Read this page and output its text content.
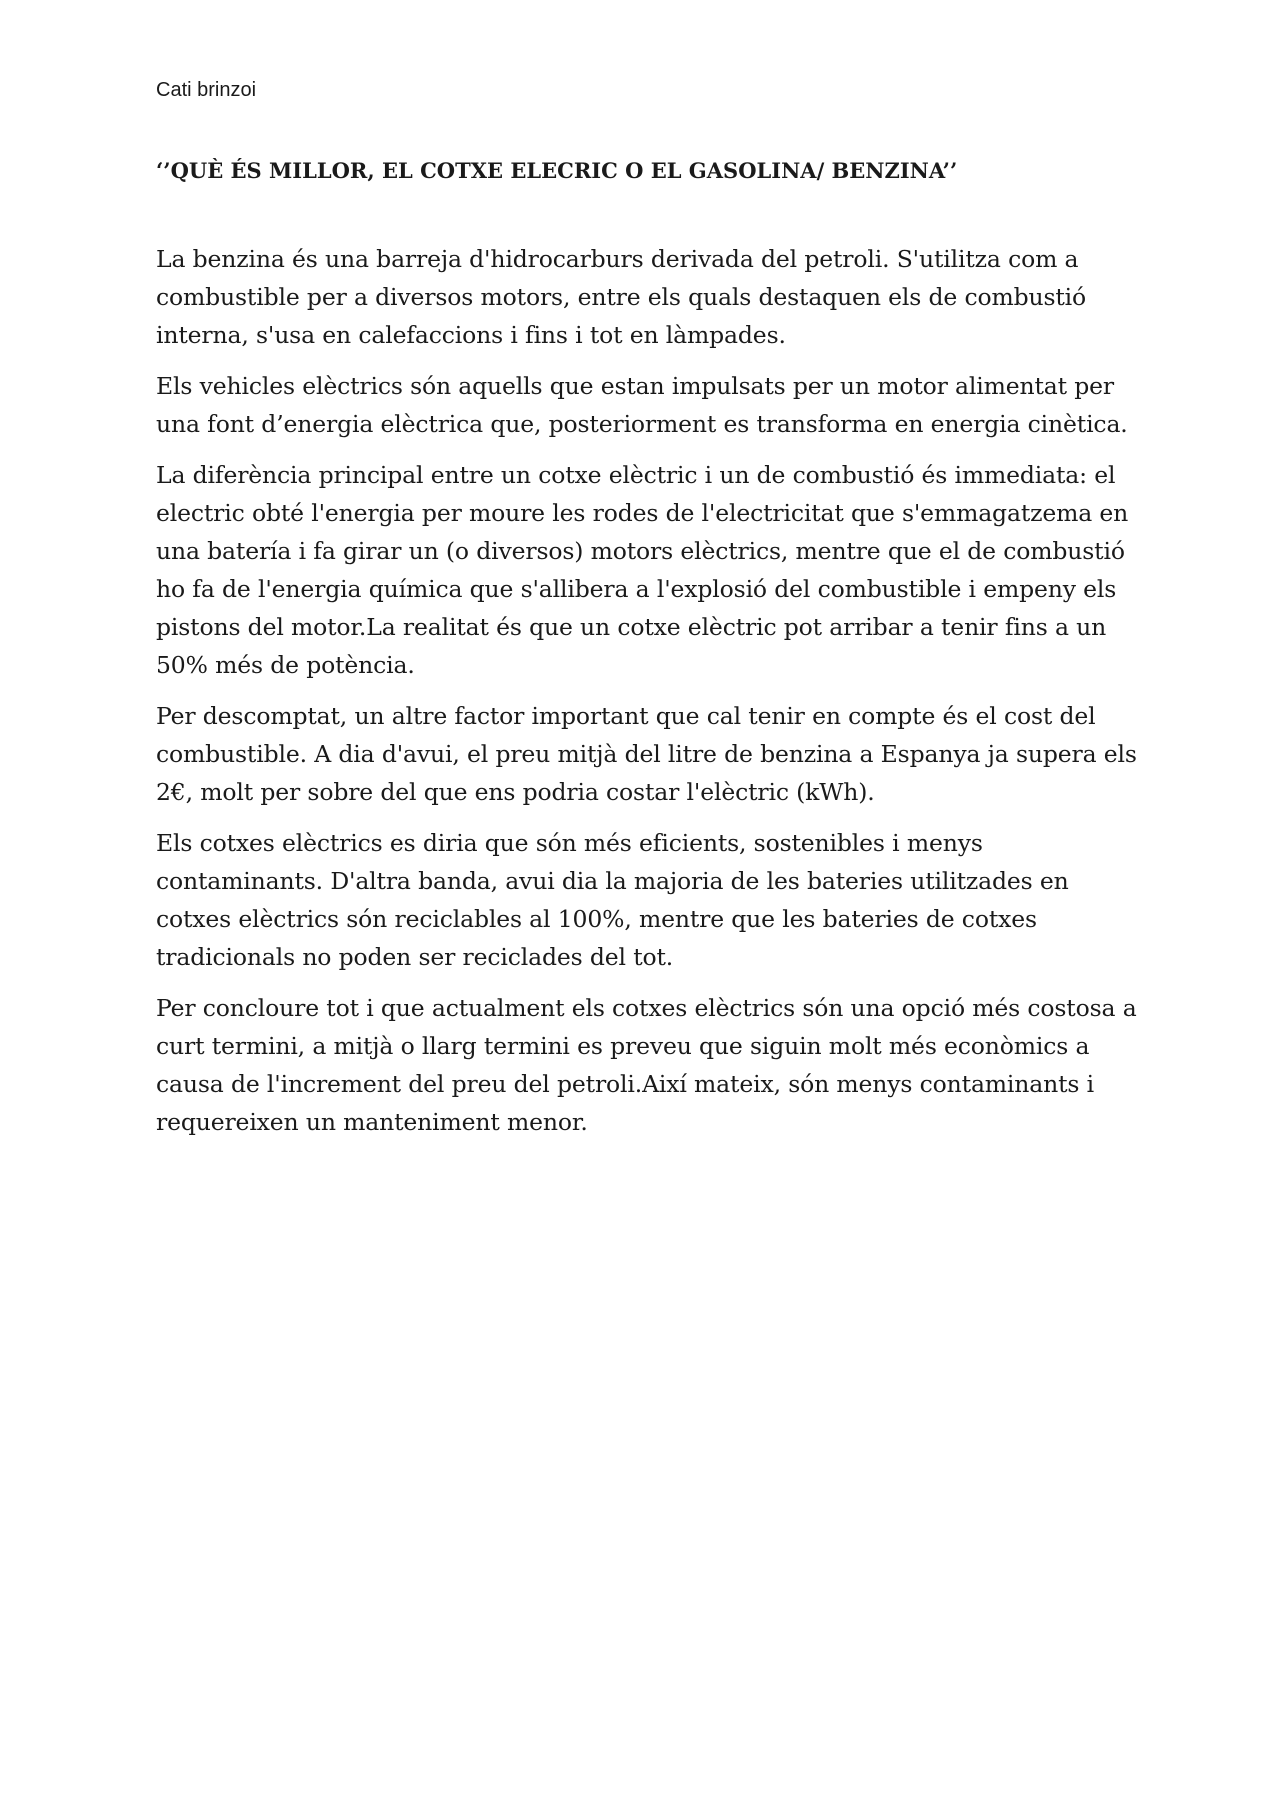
Cati brinzoi
‘’QUÈ ÉS MILLOR, EL COTXE ELECRIC O EL GASOLINA/ BENZINA’’

La benzina és una barreja d'hidrocarburs derivada del petroli. S'utilitza com a combustible per a diversos motors, entre els quals destaquen els de combustió interna, s'usa en calefaccions i fins i tot en làmpades.

Els vehicles elèctrics són aquells que estan impulsats per un motor alimentat per una font d’energia elèctrica que, posteriorment es transforma en energia cinètica.

La diferència principal entre un cotxe elèctric i un de combustió és immediata: el electric obté l'energia per moure les rodes de l'electricitat que s'emmagatzema en una batería i fa girar un (o diversos) motors elèctrics, mentre que el de combustió ho fa de l'energia química que s'allibera a l'explosió del combustible i empeny els pistons del motor.La realitat és que un cotxe elèctric pot arribar a tenir fins a un 50% més de potència.

Per descomptat, un altre factor important que cal tenir en compte és el cost del combustible. A dia d'avui, el preu mitjà del litre de benzina a Espanya ja supera els 2€, molt per sobre del que ens podria costar l'elèctric (kWh).

Els cotxes elèctrics es diria que són més eficients, sostenibles i menys contaminants. D'altra banda, avui dia la majoria de les bateries utilitzades en cotxes elèctrics són reciclables al 100%, mentre que les bateries de cotxes tradicionals no poden ser reciclades del tot.

Per concloure tot i que actualment els cotxes elèctrics són una opció més costosa a curt termini, a mitjà o llarg termini es preveu que siguin molt més econòmics a causa de l'increment del preu del petroli.Així mateix, són menys contaminants i requereixen un manteniment menor.
